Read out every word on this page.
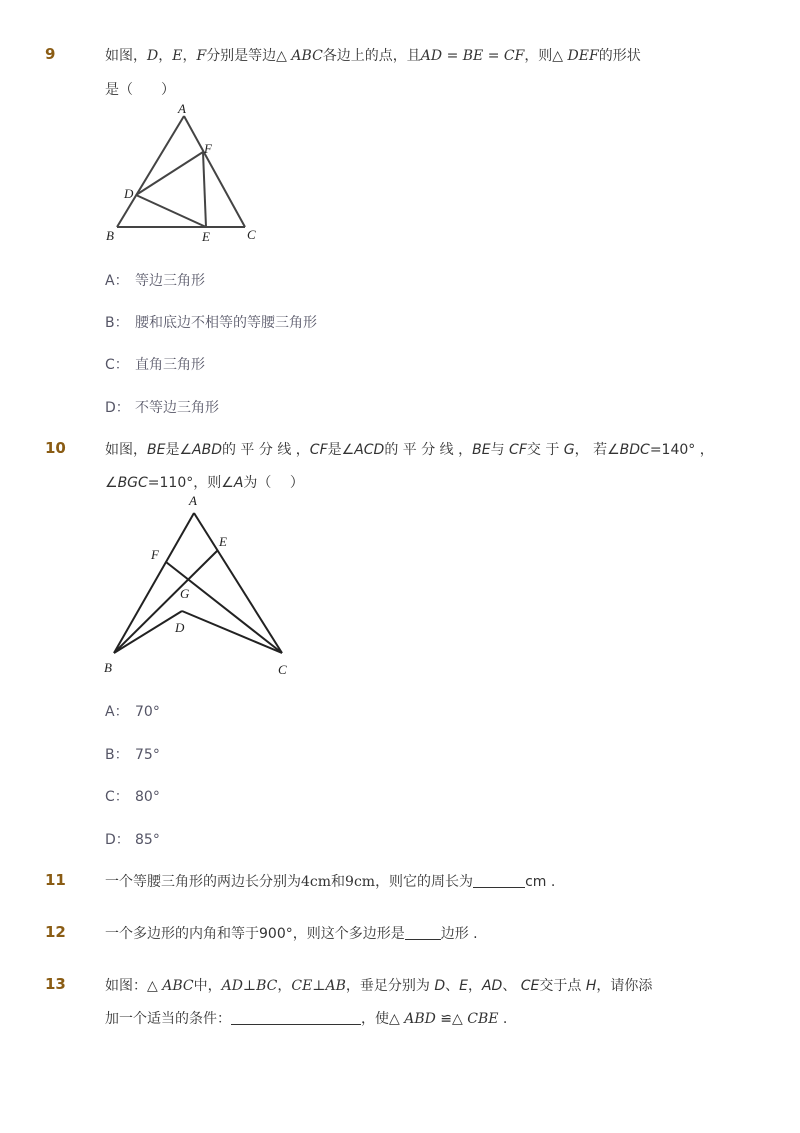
9	如图，D，E，F分别是等边△ ABC各边上的点，且AD = BE = CF，则△ DEF的形状
是（　　）
A
B	C
D
E
F
A： 等边三角形
B： 腰和底边不相等的等腰三角形
C： 直角三角形
D： 不等边三角形
10	如图，BE是∠ABD的 平 分 线 ，CF是∠ACD的 平 分 线 ，BE与 CF交 于 G， 若∠BDC=140° ，
∠BGC=110°，则∠A为（　 ）
A
B	C
D
E
F
G
A： 70°
B： 75°
C： 80°
D： 85°
11	一个等腰三角形的两边长分别为4cm和9cm，则它的周长为	cm .
12	一个多边形的内角和等于900°，则这个多边形是	边形 .
13	如图：△ ABC中，AD⊥BC，CE⊥AB，垂足分别为 D、E，AD、 CE交于点 H，请你添
加一个适当的条件：	，使△ ABD ≌△ CBE .
